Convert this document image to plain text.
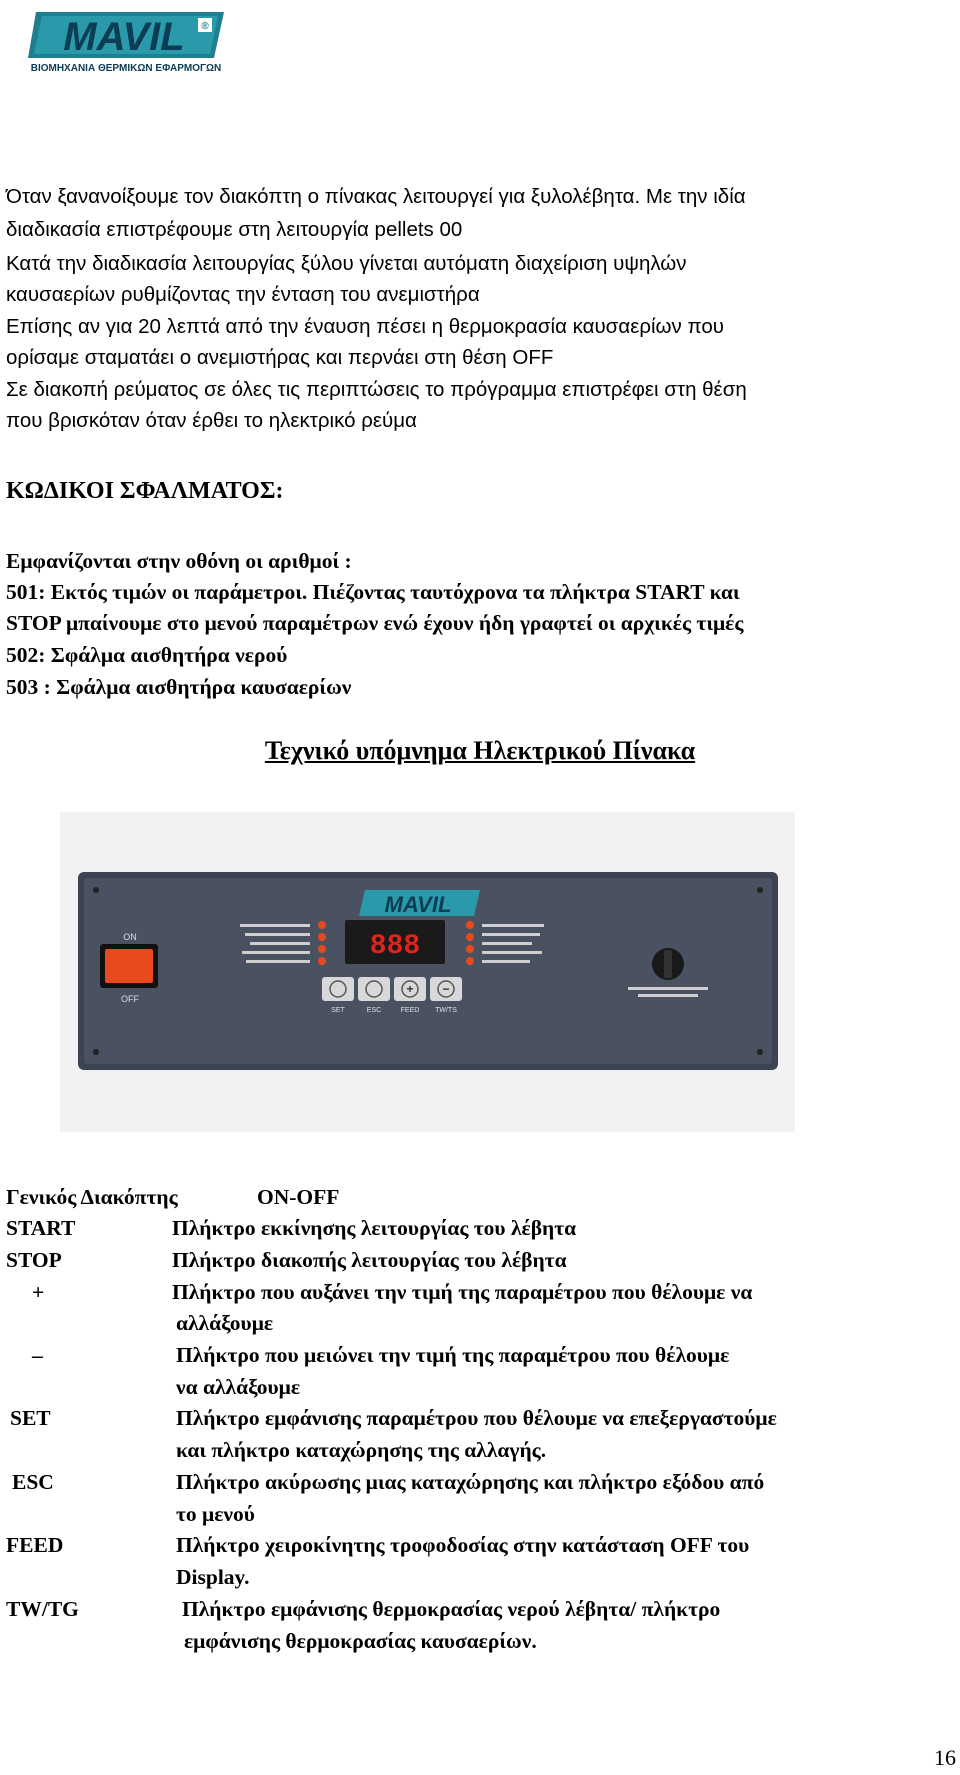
MAVIL ®
ΒΙΟΜΗΧΑΝΙΑ ΘΕΡΜΙΚΩΝ ΕΦΑΡΜΟΓΩΝ
Όταν ξανανοίξουμε τον διακόπτη ο πίνακας λειτουργεί για ξυλολέβητα. Με την ιδία
διαδικασία επιστρέφουμε στη λειτουργία pellets 00
Κατά την διαδικασία λειτουργίας ξύλου γίνεται αυτόματη διαχείριση υψηλών
καυσαερίων ρυθμίζοντας την ένταση του ανεμιστήρα
Επίσης αν για 20 λεπτά από την έναυση πέσει η θερμοκρασία καυσαερίων που
ορίσαμε σταματάει ο ανεμιστήρας και περνάει στη θέση OFF
Σε διακοπή ρεύματος σε όλες τις περιπτώσεις το πρόγραμμα επιστρέφει στη θέση
που βρισκόταν όταν έρθει το ηλεκτρικό ρεύμα
ΚΩΔΙΚΟΙ ΣΦΑΛΜΑΤΟΣ:
Εμφανίζονται στην οθόνη οι αριθμοί :
501: Εκτός τιμών οι παράμετροι. Πιέζοντας ταυτόχρονα τα πλήκτρα START και
STOP μπαίνουμε στο μενού παραμέτρων ενώ έχουν ήδη γραφτεί οι αρχικές τιμές
502: Σφάλμα αισθητήρα νερού
503 : Σφάλμα αισθητήρα καυσαερίων
Τεχνικό υπόμνημα Ηλεκτρικού Πίνακα
MAVIL
ON
OFF
888
+ −
SET	ESC	FEED TW/TS
Γενικός Διακόπτης	ON-OFF
START	Πλήκτρο εκκίνησης λειτουργίας του λέβητα
STOP	Πλήκτρο διακοπής λειτουργίας του λέβητα
+	Πλήκτρο που αυξάνει την τιμή της παραμέτρου που θέλουμε να
αλλάξουμε
–	Πλήκτρο που μειώνει την τιμή της παραμέτρου που θέλουμε
να αλλάξουμε
SET	Πλήκτρο εμφάνισης παραμέτρου που θέλουμε να επεξεργαστούμε
και πλήκτρο καταχώρησης της αλλαγής.
ESC	Πλήκτρο ακύρωσης μιας καταχώρησης και πλήκτρο εξόδου από
το μενού
FEED	Πλήκτρο χειροκίνητης τροφοδοσίας στην κατάσταση OFF του
Display.
TW/TG	Πλήκτρο εμφάνισης θερμοκρασίας νερού λέβητα/ πλήκτρο
εμφάνισης θερμοκρασίας καυσαερίων.
16
